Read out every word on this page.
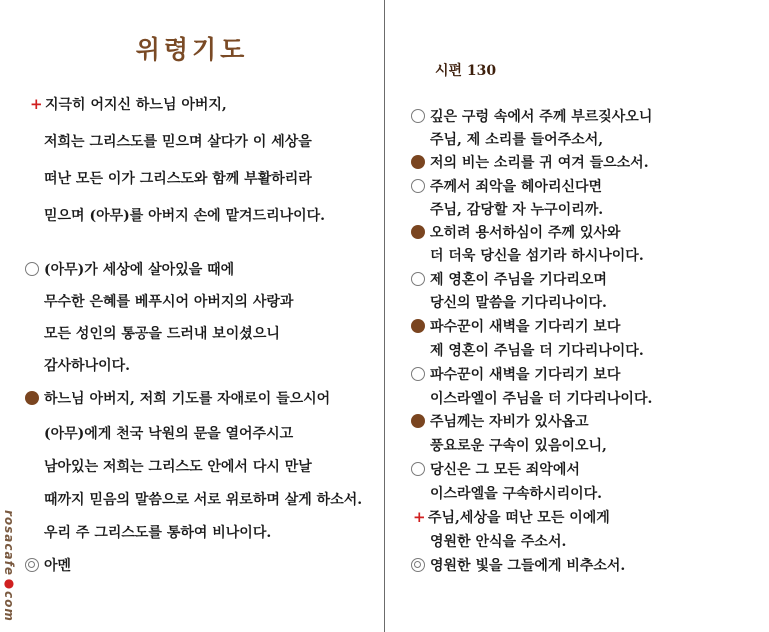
위령기도
+ 지극히 어지신 하느님 아버지,
저희는 그리스도를 믿으며 살다가 이 세상을
떠난 모든 이가 그리스도와 함께 부활하리라
믿으며 (아무)를 아버지 손에 맡겨드리나이다.
(아무)가 세상에 살아있을 때에
무수한 은혜를 베푸시어 아버지의 사랑과
모든 성인의 통공을 드러내 보이셨으니
감사하나이다.
하느님 아버지, 저희 기도를 자애로이 들으시어
(아무)에게 천국 낙원의 문을 열어주시고
남아있는 저희는 그리스도 안에서 다시 만날
때까지 믿음의 말씀으로 서로 위로하며 살게 하소서.
우리 주 그리스도를 통하여 비나이다.
아멘
rosacafe●com
시편 130
깊은 구렁 속에서 주께 부르짖사오니
주님, 제 소리를 들어주소서,
저의 비는 소리를 귀 여겨 들으소서.
주께서 죄악을 헤아리신다면
주님, 감당할 자 누구이리까.
오히려 용서하심이 주께 있사와
더 더욱 당신을 섬기라 하시나이다.
제 영혼이 주님을 기다리오며
당신의 말씀을 기다리나이다.
파수꾼이 새벽을 기다리기 보다
제 영혼이 주님을 더 기다리나이다.
파수꾼이 새벽을 기다리기 보다
이스라엘이 주님을 더 기다리나이다.
주님께는 자비가 있사옵고
풍요로운 구속이 있음이오니,
당신은 그 모든 죄악에서
이스라엘을 구속하시리이다.
+ 주님,세상을 떠난 모든 이에게
영원한 안식을 주소서.
영원한 빛을 그들에게 비추소서.
